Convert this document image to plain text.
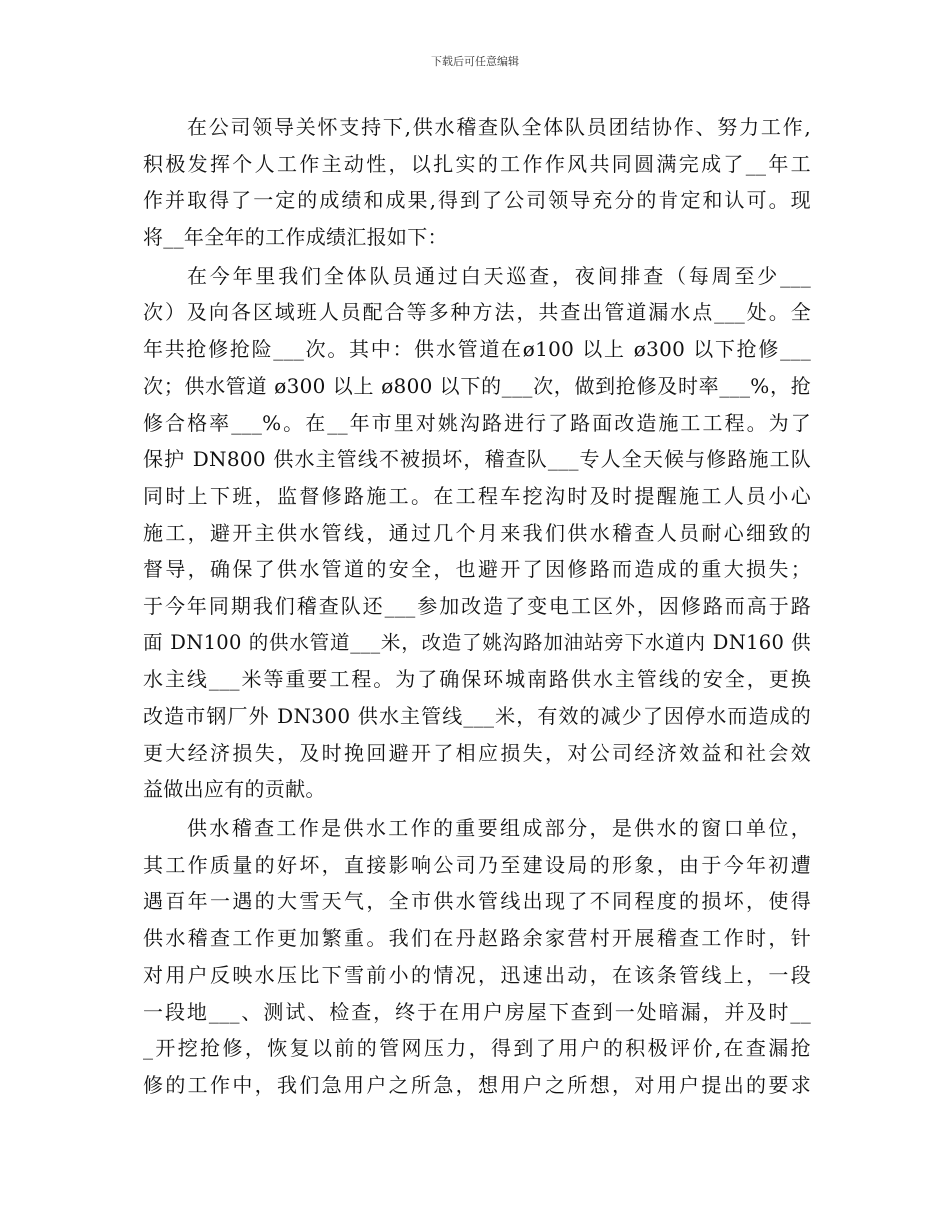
下载后可任意编辑
在公司领导关怀支持下,供水稽查队全体队员团结协作、努力工作,
积极发挥个人工作主动性，以扎实的工作作风共同圆满完成了__年工
作并取得了一定的成绩和成果,得到了公司领导充分的肯定和认可。现
将__年全年的工作成绩汇报如下：
在今年里我们全体队员通过白天巡查，夜间排查（每周至少___
次）及向各区域班人员配合等多种方法，共查出管道漏水点___处。全
年共抢修抢险___次。其中：供水管道在ø100 以上 ø300 以下抢修___
次；供水管道 ø300 以上 ø800 以下的___次，做到抢修及时率___%，抢
修合格率___%。在__年市里对姚沟路进行了路面改造施工工程。为了
保护 DN800 供水主管线不被损坏，稽查队___专人全天候与修路施工队
同时上下班，监督修路施工。在工程车挖沟时及时提醒施工人员小心
施工，避开主供水管线，通过几个月来我们供水稽查人员耐心细致的
督导，确保了供水管道的安全，也避开了因修路而造成的重大损失；
于今年同期我们稽查队还___参加改造了变电工区外，因修路而高于路
面 DN100 的供水管道___米，改造了姚沟路加油站旁下水道内 DN160 供
水主线___米等重要工程。为了确保环城南路供水主管线的安全，更换
改造市钢厂外 DN300 供水主管线___米，有效的减少了因停水而造成的
更大经济损失，及时挽回避开了相应损失，对公司经济效益和社会效
益做出应有的贡献。
供水稽查工作是供水工作的重要组成部分，是供水的窗口单位，
其工作质量的好坏，直接影响公司乃至建设局的形象，由于今年初遭
遇百年一遇的大雪天气，全市供水管线出现了不同程度的损坏，使得
供水稽查工作更加繁重。我们在丹赵路余家营村开展稽查工作时，针
对用户反映水压比下雪前小的情况，迅速出动，在该条管线上，一段
一段地___、测试、检查，终于在用户房屋下查到一处暗漏，并及时__
_开挖抢修，恢复以前的管网压力，得到了用户的积极评价,在查漏抢
修的工作中，我们急用户之所急，想用户之所想，对用户提出的要求
